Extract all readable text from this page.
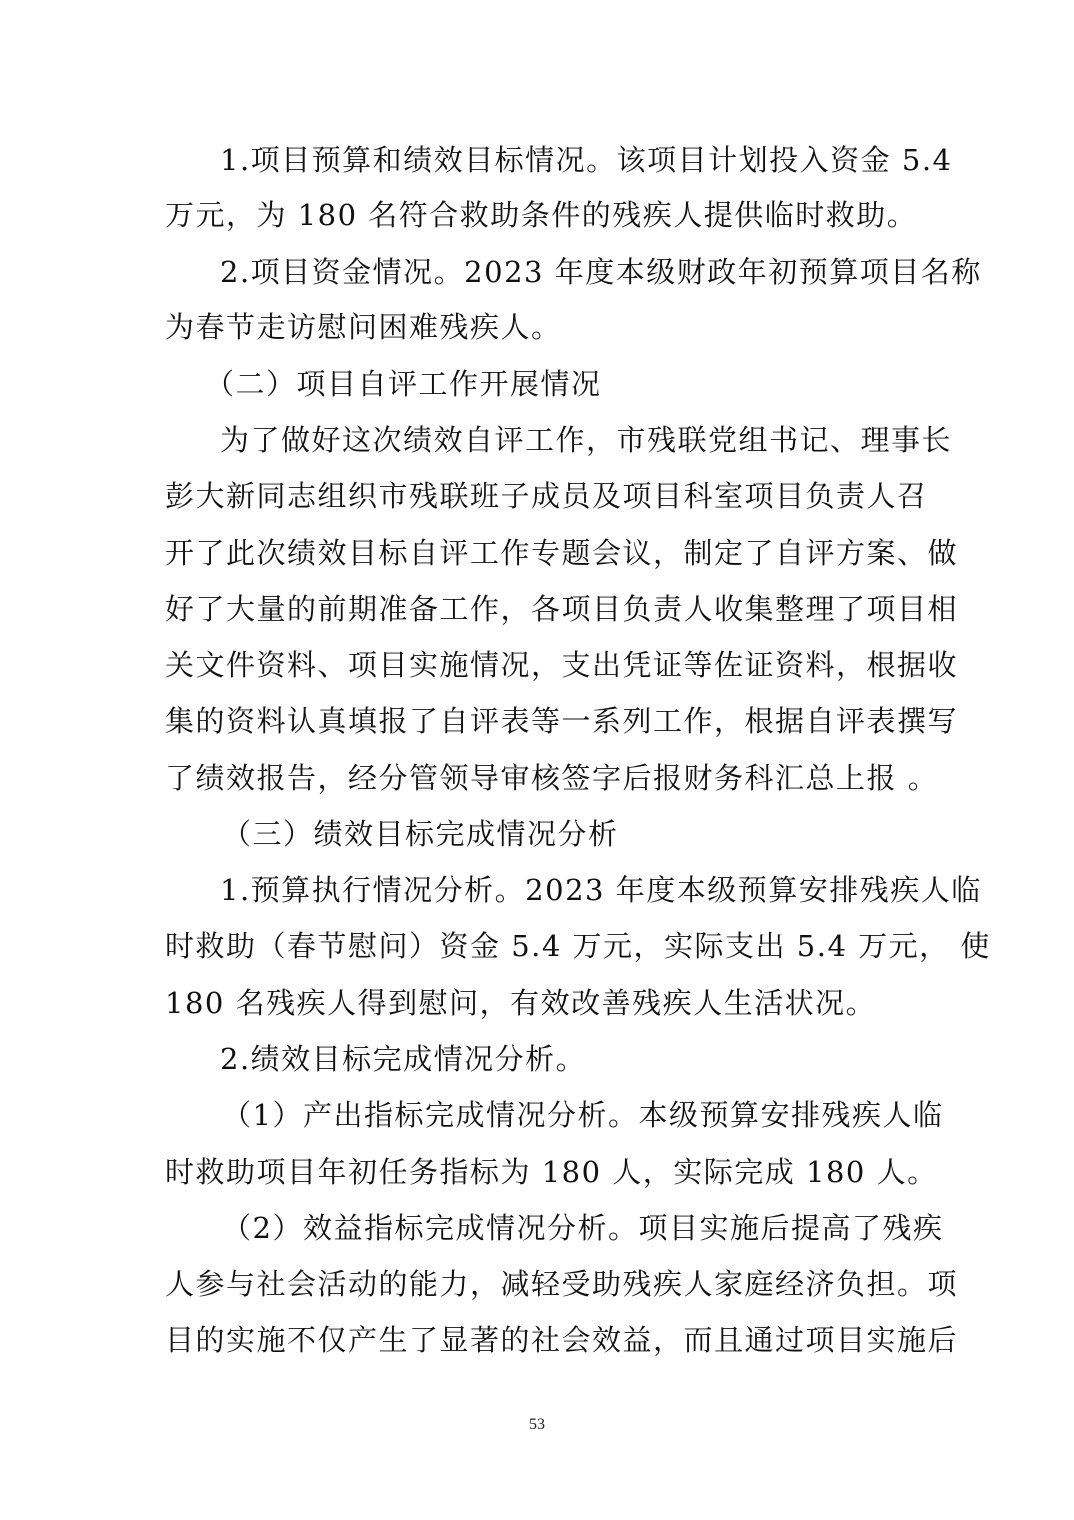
1.项目预算和绩效目标情况。该项目计划投入资金 5.4
万元，为 180 名符合救助条件的残疾人提供临时救助。
2.项目资金情况。2023 年度本级财政年初预算项目名称
为春节走访慰问困难残疾人。
（二）项目自评工作开展情况
为了做好这次绩效自评工作，市残联党组书记、理事长
彭大新同志组织市残联班子成员及项目科室项目负责人召
开了此次绩效目标自评工作专题会议，制定了自评方案、做
好了大量的前期准备工作，各项目负责人收集整理了项目相
关文件资料、项目实施情况，支出凭证等佐证资料，根据收
集的资料认真填报了自评表等一系列工作，根据自评表撰写
了绩效报告，经分管领导审核签字后报财务科汇总上报 。
（三）绩效目标完成情况分析
1.预算执行情况分析。2023 年度本级预算安排残疾人临
时救助（春节慰问）资金 5.4 万元，实际支出 5.4 万元， 使
180 名残疾人得到慰问，有效改善残疾人生活状况。
2.绩效目标完成情况分析。
（1）产出指标完成情况分析。本级预算安排残疾人临
时救助项目年初任务指标为 180 人，实际完成 180 人。
（2）效益指标完成情况分析。项目实施后提高了残疾
人参与社会活动的能力，减轻受助残疾人家庭经济负担。项
目的实施不仅产生了显著的社会效益，而且通过项目实施后
53
